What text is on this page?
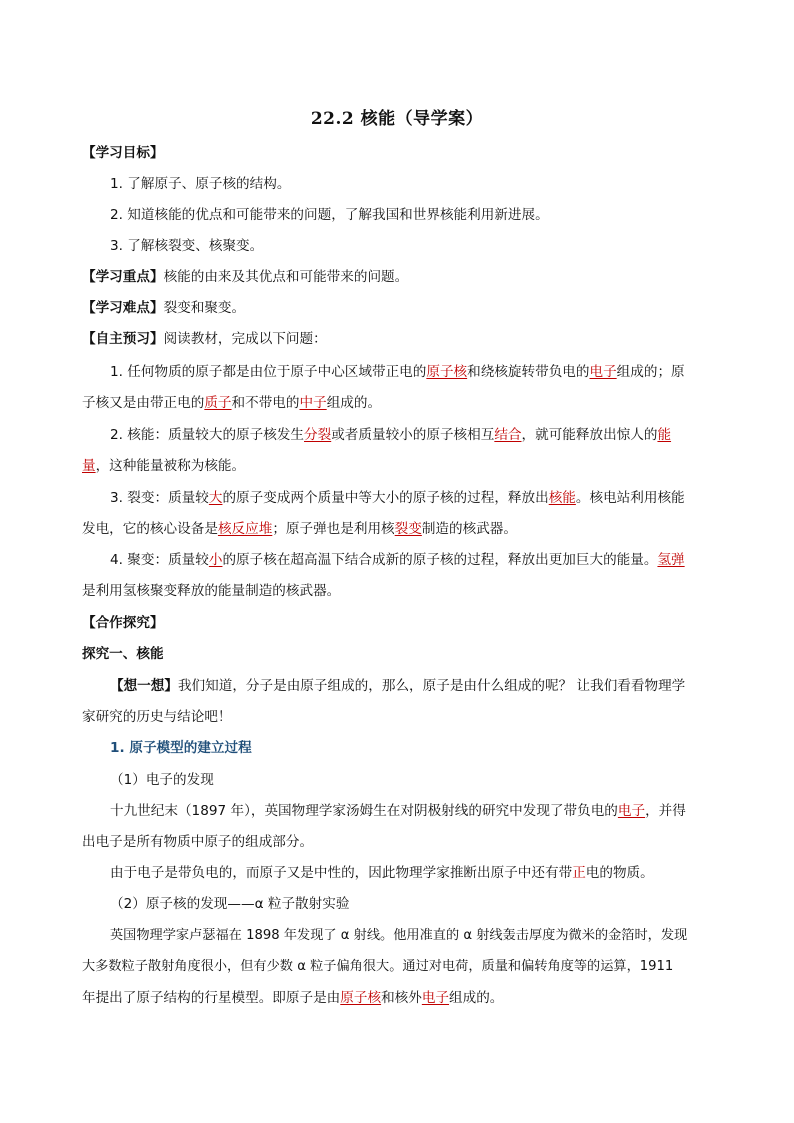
22.2 核能（导学案）
【学习目标】
1. 了解原子、原子核的结构。
2. 知道核能的优点和可能带来的问题，了解我国和世界核能利用新进展。
3. 了解核裂变、核聚变。
【学习重点】核能的由来及其优点和可能带来的问题。
【学习难点】裂变和聚变。
【自主预习】阅读教材，完成以下问题：
1. 任何物质的原子都是由位于原子中心区域带正电的原子核和绕核旋转带负电的电子组成的；原
子核又是由带正电的质子和不带电的中子组成的。
2. 核能：质量较大的原子核发生分裂或者质量较小的原子核相互结合，就可能释放出惊人的能
量，这种能量被称为核能。
3. 裂变：质量较大的原子变成两个质量中等大小的原子核的过程，释放出核能。核电站利用核能
发电，它的核心设备是核反应堆；原子弹也是利用核裂变制造的核武器。
4. 聚变：质量较小的原子核在超高温下结合成新的原子核的过程，释放出更加巨大的能量。氢弹
是利用氢核聚变释放的能量制造的核武器。
【合作探究】
探究一、核能
【想一想】我们知道，分子是由原子组成的，那么，原子是由什么组成的呢？ 让我们看看物理学
家研究的历史与结论吧！
1. 原子模型的建立过程
（1）电子的发现
十九世纪末（1897 年），英国物理学家汤姆生在对阴极射线的研究中发现了带负电的电子，并得
出电子是所有物质中原子的组成部分。
由于电子是带负电的，而原子又是中性的，因此物理学家推断出原子中还有带正电的物质。
（2）原子核的发现——α 粒子散射实验
英国物理学家卢瑟福在 1898 年发现了 α 射线。他用准直的 α 射线轰击厚度为微米的金箔时，发现
大多数粒子散射角度很小，但有少数 α 粒子偏角很大。通过对电荷，质量和偏转角度等的运算，1911
年提出了原子结构的行星模型。即原子是由原子核和核外电子组成的。
